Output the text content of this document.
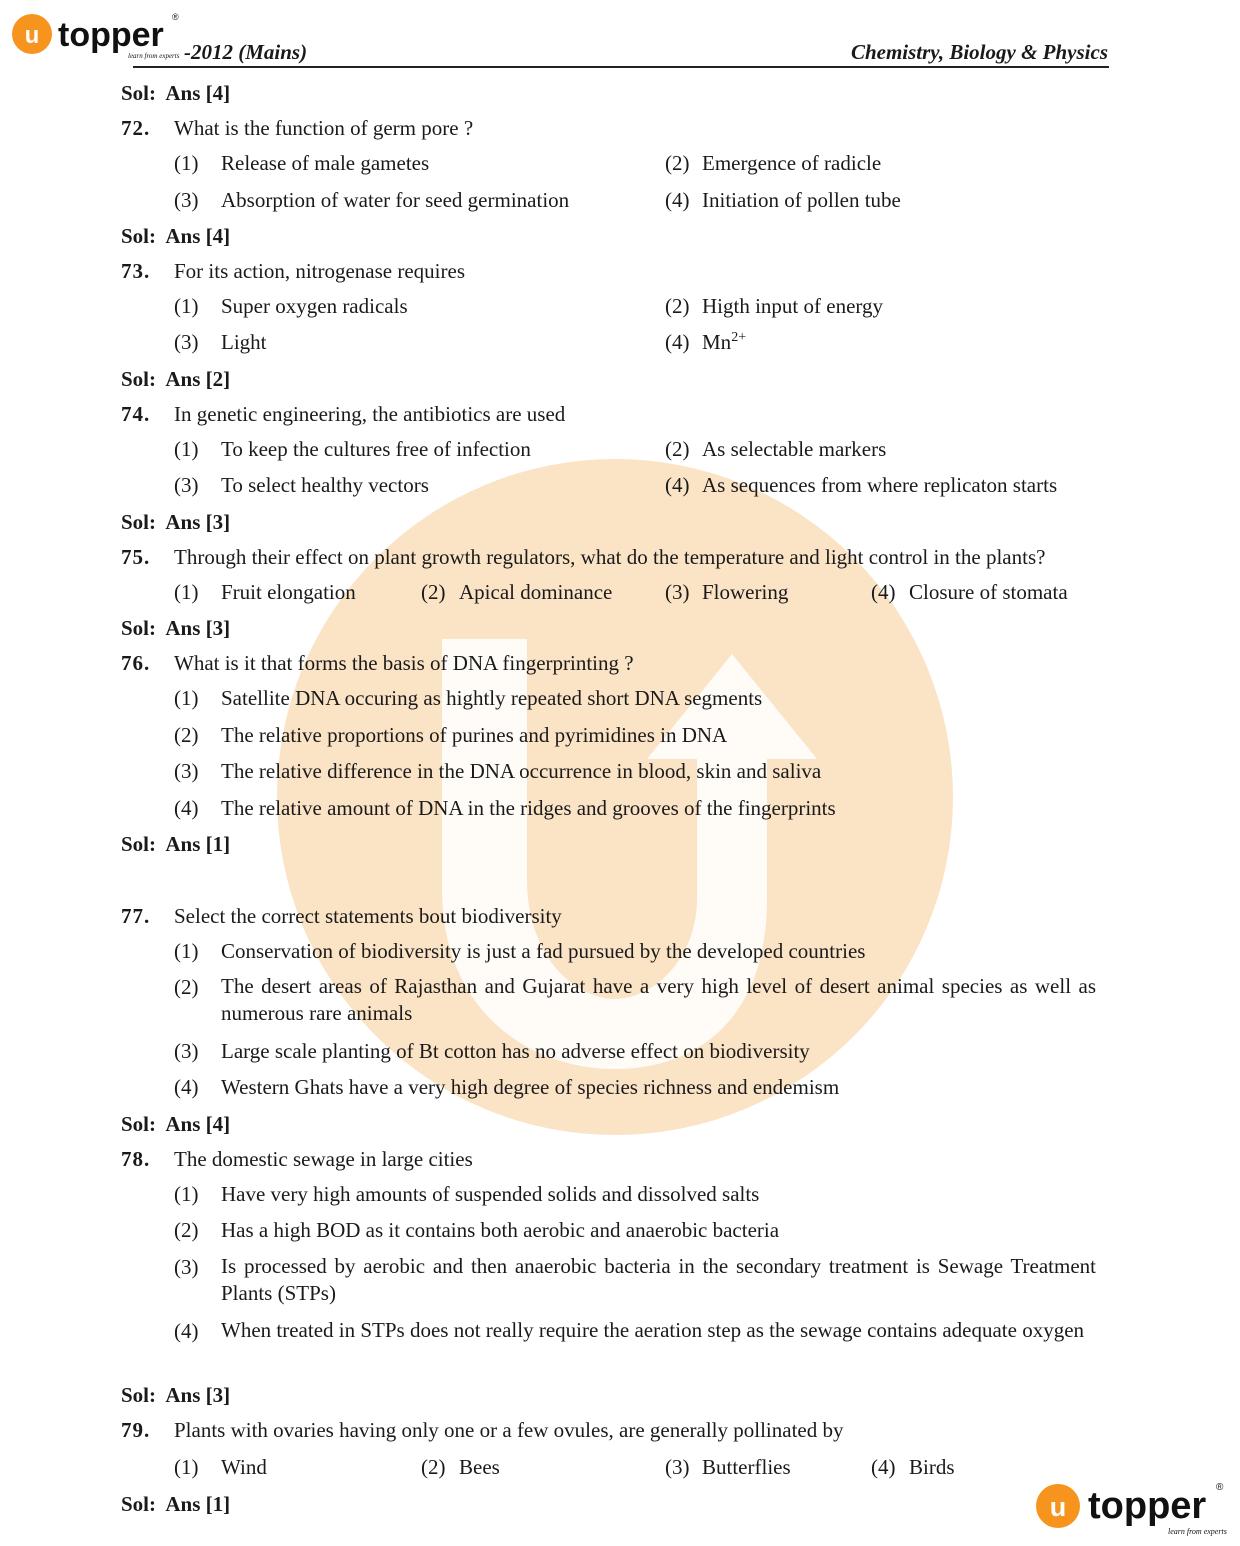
u topper ®
learn from experts -2012 (Mains)	Chemistry, Biology & Physics
Sol: Ans [4]
72. What is the function of germ pore ?
(1) Release of male gametes	(2) Emergence of radicle
(3) Absorption of water for seed germination	(4) Initiation of pollen tube
Sol: Ans [4]
73. For its action, nitrogenase requires
(1) Super oxygen radicals	(2) Higth input of energy
(3) Light	(4) $Mn^{2+}$
Sol: Ans [2]
74. In genetic engineering, the antibiotics are used
(1) To keep the cultures free of infection	(2) As selectable markers
(3) To select healthy vectors	(4) As sequences from where replicaton starts
Sol: Ans [3]
75. Through their effect on plant growth regulators, what do the temperature and light control in the plants?
(1) Fruit elongation	(2) Apical dominance	(3) Flowering	(4) Closure of stomata
Sol: Ans [3]
76. What is it that forms the basis of DNA fingerprinting ?
(1) Satellite DNA occuring as hightly repeated short DNA segments
(2) The relative proportions of purines and pyrimidines in DNA
(3) The relative difference in the DNA occurrence in blood, skin and saliva
(4) The relative amount of DNA in the ridges and grooves of the fingerprints
Sol: Ans [1]
77. Select the correct statements bout biodiversity
(1) Conservation of biodiversity is just a fad pursued by the developed countries
(2) The desert areas of Rajasthan and Gujarat have a very high level of desert animal species as well as numerous rare animals
(3) Large scale planting of Bt cotton has no adverse effect on biodiversity
(4) Western Ghats have a very high degree of species richness and endemism
Sol: Ans [4]
78. The domestic sewage in large cities
(1) Have very high amounts of suspended solids and dissolved salts
(2) Has a high BOD as it contains both aerobic and anaerobic bacteria
(3) Is processed by aerobic and then anaerobic bacteria in the secondary treatment is Sewage Treatment Plants (STPs)
(4) When treated in STPs does not really require the aeration step as the sewage contains adequate oxygen
Sol: Ans [3]
79. Plants with ovaries having only one or a few ovules, are generally pollinated by
(1) Wind	(2) Bees	(3) Butterflies	(4) Birds
Sol: Ans [1]	u topper ®
learn from experts
